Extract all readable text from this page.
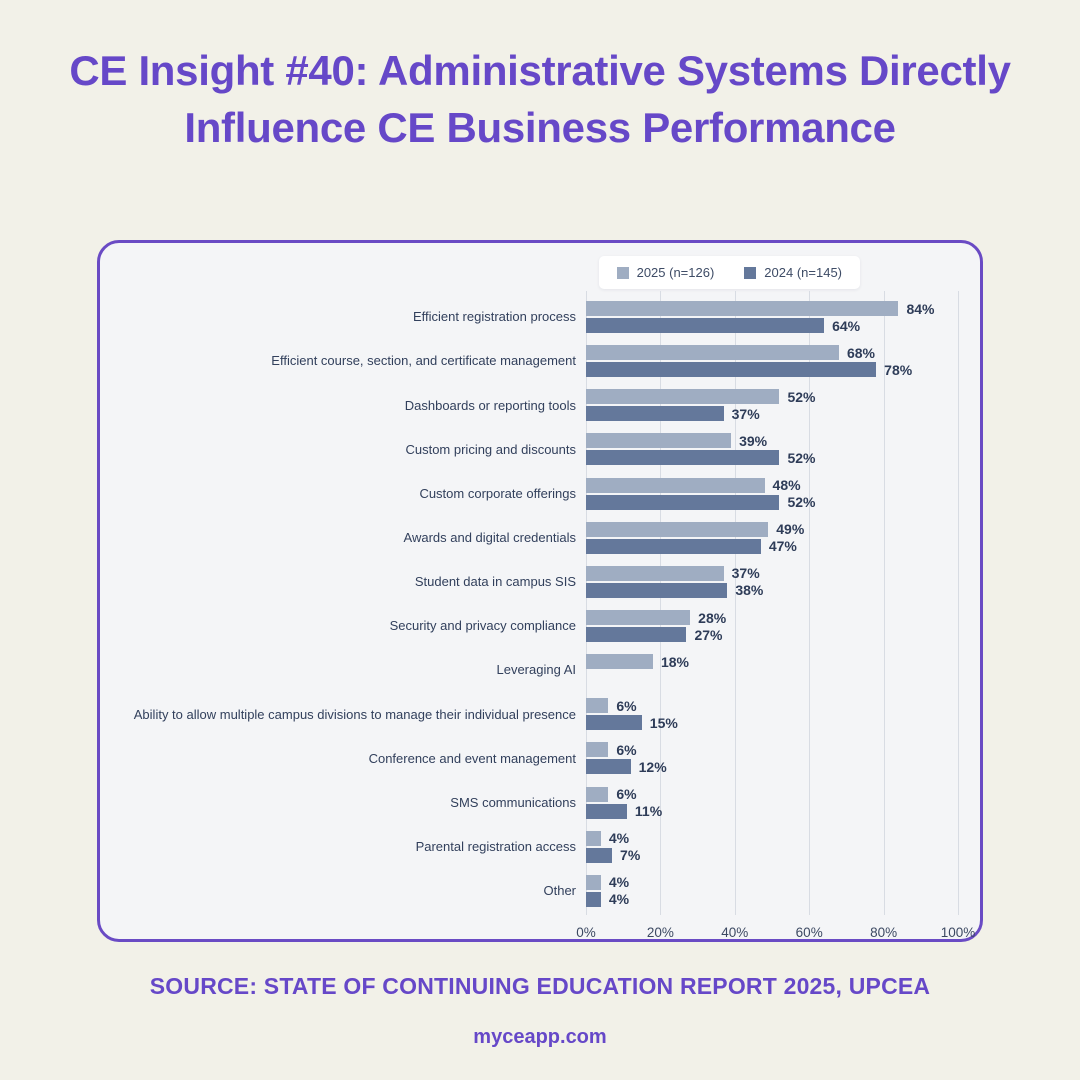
CE Insight #40: Administrative Systems Directly Influence CE Business Performance
2025 (n=126)	2024 (n=145)
Efficient registration process
84%
64%
Efficient course, section, and certificate management
68%
78%
Dashboards or reporting tools
52%
37%
Custom pricing and discounts
39%
52%
Custom corporate offerings
48%
52%
Awards and digital credentials
49%
47%
Student data in campus SIS
37%
38%
Security and privacy compliance
28%
27%
Leveraging AI
18%
Ability to allow multiple campus divisions to manage their individual presence
6%
15%
Conference and event management
6%
12%
SMS communications
6%
11%
Parental registration access
4%
7%
Other
4%
4%
0%	20%	40%	60%	80%	100%
SOURCE: STATE OF CONTINUING EDUCATION REPORT 2025, UPCEA
myceapp.com
